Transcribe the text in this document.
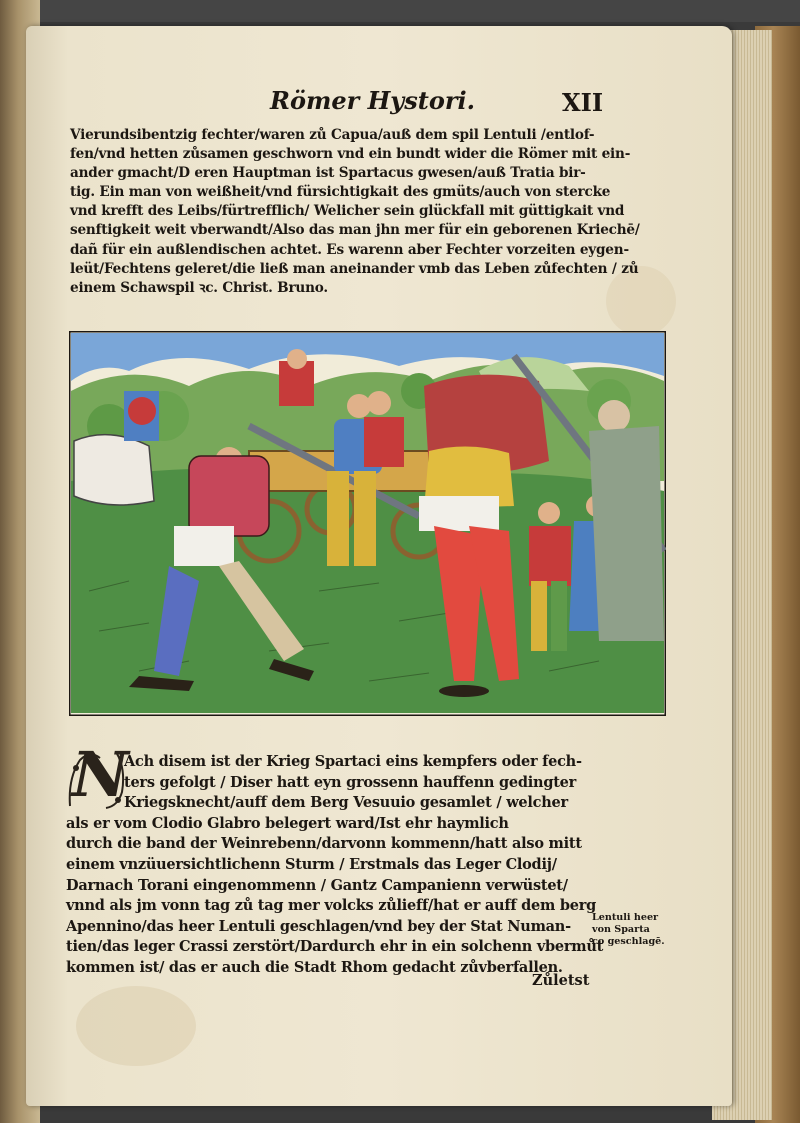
Römer Hystori.	XII
Vierundsibentzig fechter/waren zů Capua/auß dem spil Lentuli /entlof-
fen/vnd hetten zůsamen geschworn vnd ein bundt wider die Römer mit ein-
ander gmacht/D eren Hauptman ist Spartacus gwesen/auß Tratia bir-
tig. Ein man von weißheit/vnd fürsichtigkait des gmüts/auch von stercke
vnd krefft des Leibs/fürtrefflich/ Welicher sein glückfall mit güttigkait vnd
senftigkeit weit vberwandt/Also das man jhn mer für ein geborenen Kriechē/
dañ für ein außlendischen achtet. Es warenn aber Fechter vorzeiten eygen-
leüt/Fechtens geleret/die ließ man aneinander vmb das Leben zůfechten / zů
einem Schawspil ꝛc. Christ. Bruno.
N
Ach disem ist der Krieg Spartaci eins kempfers oder fech-
ters gefolgt / Diser hatt eyn grossenn hauffenn gedingter
Kriegsknecht/auff dem Berg Vesuuio gesamlet / welcher
als er vom Clodio Glabro belegert ward/Ist ehr haymlich
durch die band der Weinrebenn/darvonn kommenn/hatt also mitt
einem vnzüuersichtlichenn Sturm / Erstmals das Leger Clodij/
Darnach Torani eingenommenn / Gantz Campanienn verwüstet/
vnnd als jm vonn tag zů tag mer volcks zůlieff/hat er auff dem berg
Apennino/das heer Lentuli geschlagen/vnd bey der Stat Numan-
tien/das leger Crassi zerstört/Dardurch ehr in ein solchenn vbermůt
kommen ist/ das er auch die Stadt Rhom gedacht zůvberfallen.
Lentuli heer
von Sparta
co geschlagē.
Zůletst
